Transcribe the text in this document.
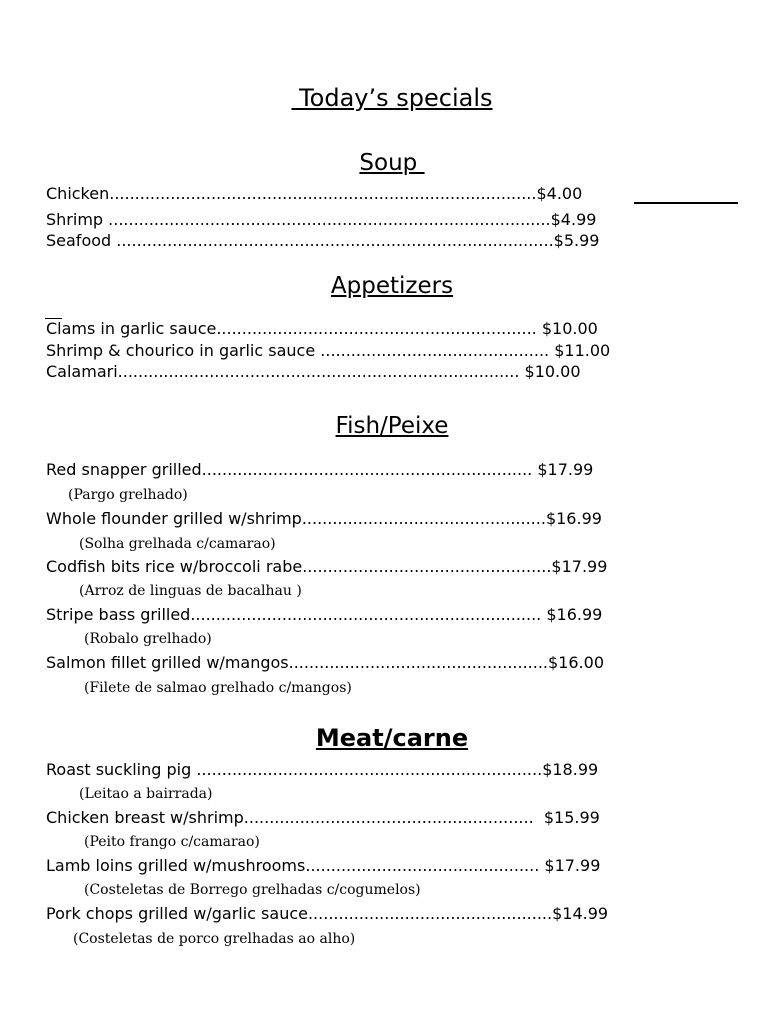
Today’s specials
Soup
Chicken....................................................................................$4.00
Shrimp .......................................................................................$4.99
Seafood ......................................................................................$5.99
Appetizers
Clams in garlic sauce............................................................... $10.00
Shrimp & chourico in garlic sauce ............................................. $11.00
Calamari............................................................................... $10.00
Fish/Peixe
Red snapper grilled................................................................. $17.99
(Pargo grelhado)
Whole flounder grilled w/shrimp................................................$16.99
(Solha grelhada c/camarao)
Codfish bits rice w/broccoli rabe.................................................$17.99
(Arroz de linguas de bacalhau )
Stripe bass grilled..................................................................... $16.99
(Robalo grelhado)
Salmon fillet grilled w/mangos...................................................$16.00
(Filete de salmao grelhado c/mangos)
Meat/carne
Roast suckling pig ....................................................................$18.99
(Leitao a bairrada)
Chicken breast w/shrimp.........................................................  $15.99
(Peito frango c/camarao)
Lamb loins grilled w/mushrooms.............................................. $17.99
(Costeletas de Borrego grelhadas c/cogumelos)
Pork chops grilled w/garlic sauce................................................$14.99
(Costeletas de porco grelhadas ao alho)
